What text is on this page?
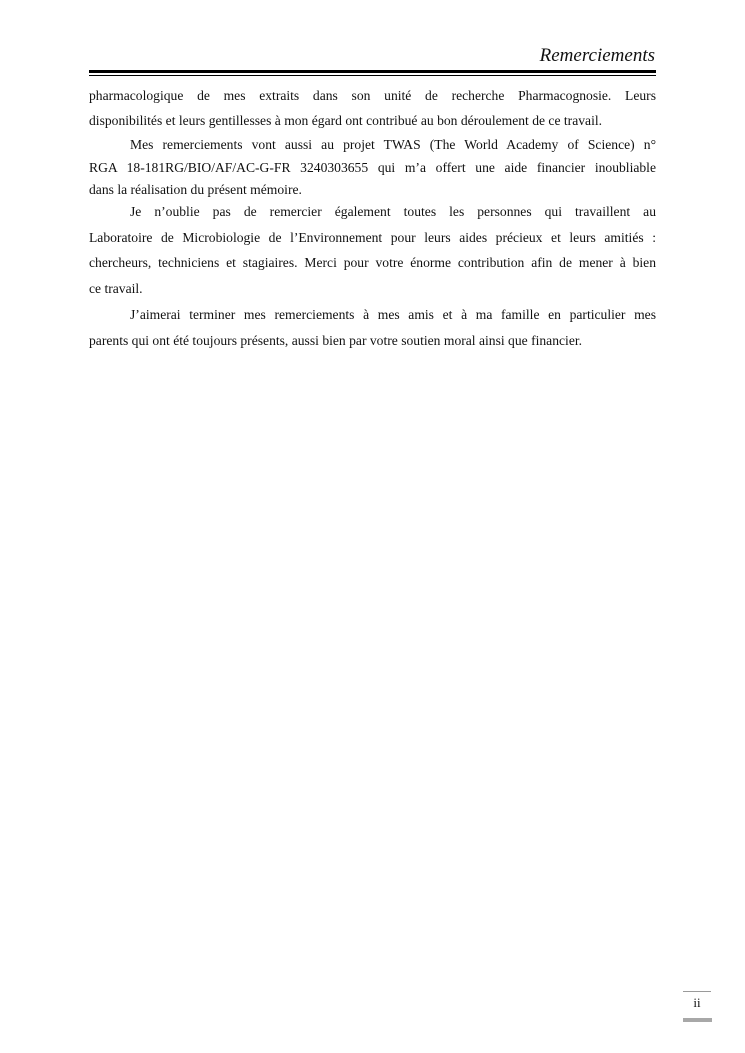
Remerciements
pharmacologique de mes extraits dans son unité de recherche Pharmacognosie. Leurs
disponibilités et leurs gentillesses à mon égard ont contribué au bon déroulement de ce travail.
Mes remerciements vont aussi au projet TWAS (The World Academy of Science) n°
RGA 18-181RG/BIO/AF/AC-G-FR 3240303655 qui m’a offert une aide financier inoubliable
dans la réalisation du présent mémoire.
Je n’oublie pas de remercier également toutes les personnes qui travaillent au
Laboratoire de Microbiologie de l’Environnement pour leurs aides précieux et leurs amitiés :
chercheurs, techniciens et stagiaires. Merci pour votre énorme contribution afin de mener à bien
ce travail.
J’aimerai terminer mes remerciements à mes amis et à ma famille en particulier mes
parents qui ont été toujours présents, aussi bien par votre soutien moral ainsi que financier.
ii
